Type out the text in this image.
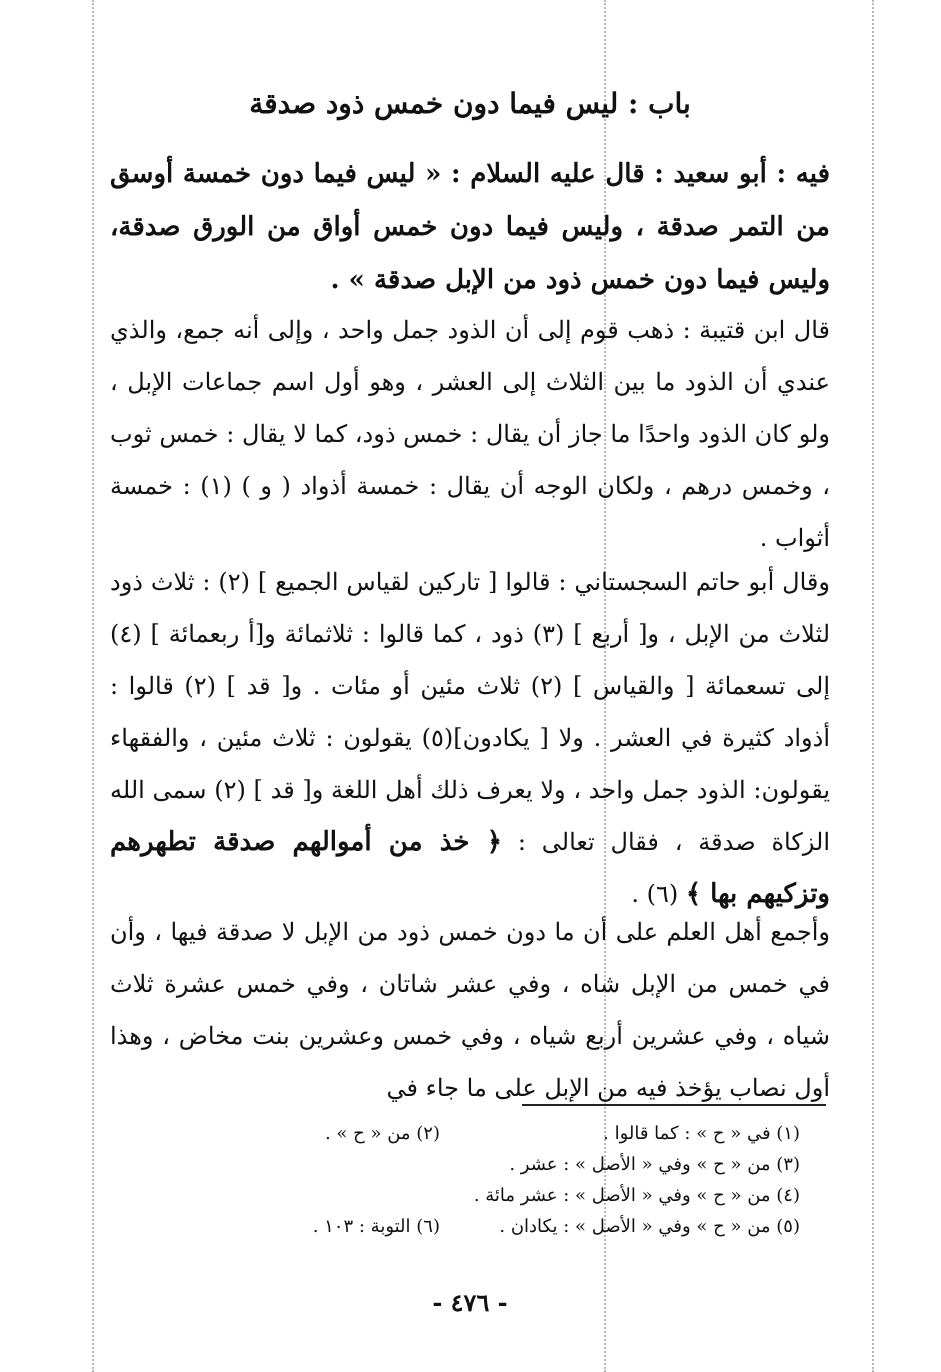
باب : ليس فيما دون خمس ذود صدقة

فيه : أبو سعيد : قال عليه السلام : « ليس فيما دون خمسة أوسق من التمر صدقة ، وليس فيما دون خمس أواق من الورق صدقة، وليس فيما دون خمس ذود من الإبل صدقة » .

قال ابن قتيبة : ذهب قوم إلى أن الذود جمل واحد ، وإلى أنه جمع، والذي عندي أن الذود ما بين الثلاث إلى العشر ، وهو أول اسم جماعات الإبل ، ولو كان الذود واحدًا ما جاز أن يقال : خمس ذود، كما لا يقال : خمس ثوب ، وخمس درهم ، ولكان الوجه أن يقال : خمسة أذواد ( و ) (١) : خمسة أثواب .

وقال أبو حاتم السجستاني : قالوا [ تاركين لقياس الجميع ] (٢) : ثلاث ذود لثلاث من الإبل ، و[ أربع ] (٣) ذود ، كما قالوا : ثلاثمائة و[أ ربعمائة ] (٤) إلى تسعمائة [ والقياس ] (٢) ثلاث مئين أو مئات . و[ قد ] (٢) قالوا : أذواد كثيرة في العشر . ولا [ يكادون](٥) يقولون : ثلاث مئين ، والفقهاء يقولون: الذود جمل واحد ، ولا يعرف ذلك أهل اللغة و[ قد ] (٢) سمى الله الزكاة صدقة ، فقال تعالى : ﴿ خذ من أموالهم صدقة تطهرهم وتزكيهم بها ﴾ (٦) .

وأجمع أهل العلم على أن ما دون خمس ذود من الإبل لا صدقة فيها ، وأن في خمس من الإبل شاه ، وفي عشر شاتان ، وفي خمس عشرة ثلاث شياه ، وفي عشرين أربع شياه ، وفي خمس وعشرين بنت مخاض ، وهذا أول نصاب يؤخذ فيه من الإبل على ما جاء في

(١) في « ح » : كما قالوا .
(٢) من « ح » .
(٣) من « ح » وفي « الأصل » : عشر .
(٤) من « ح » وفي « الأصل » : عشر مائة .
(٥) من « ح » وفي « الأصل » : يكادان .
(٦) التوبة : ١٠٣ .
- ٤٧٦ -
